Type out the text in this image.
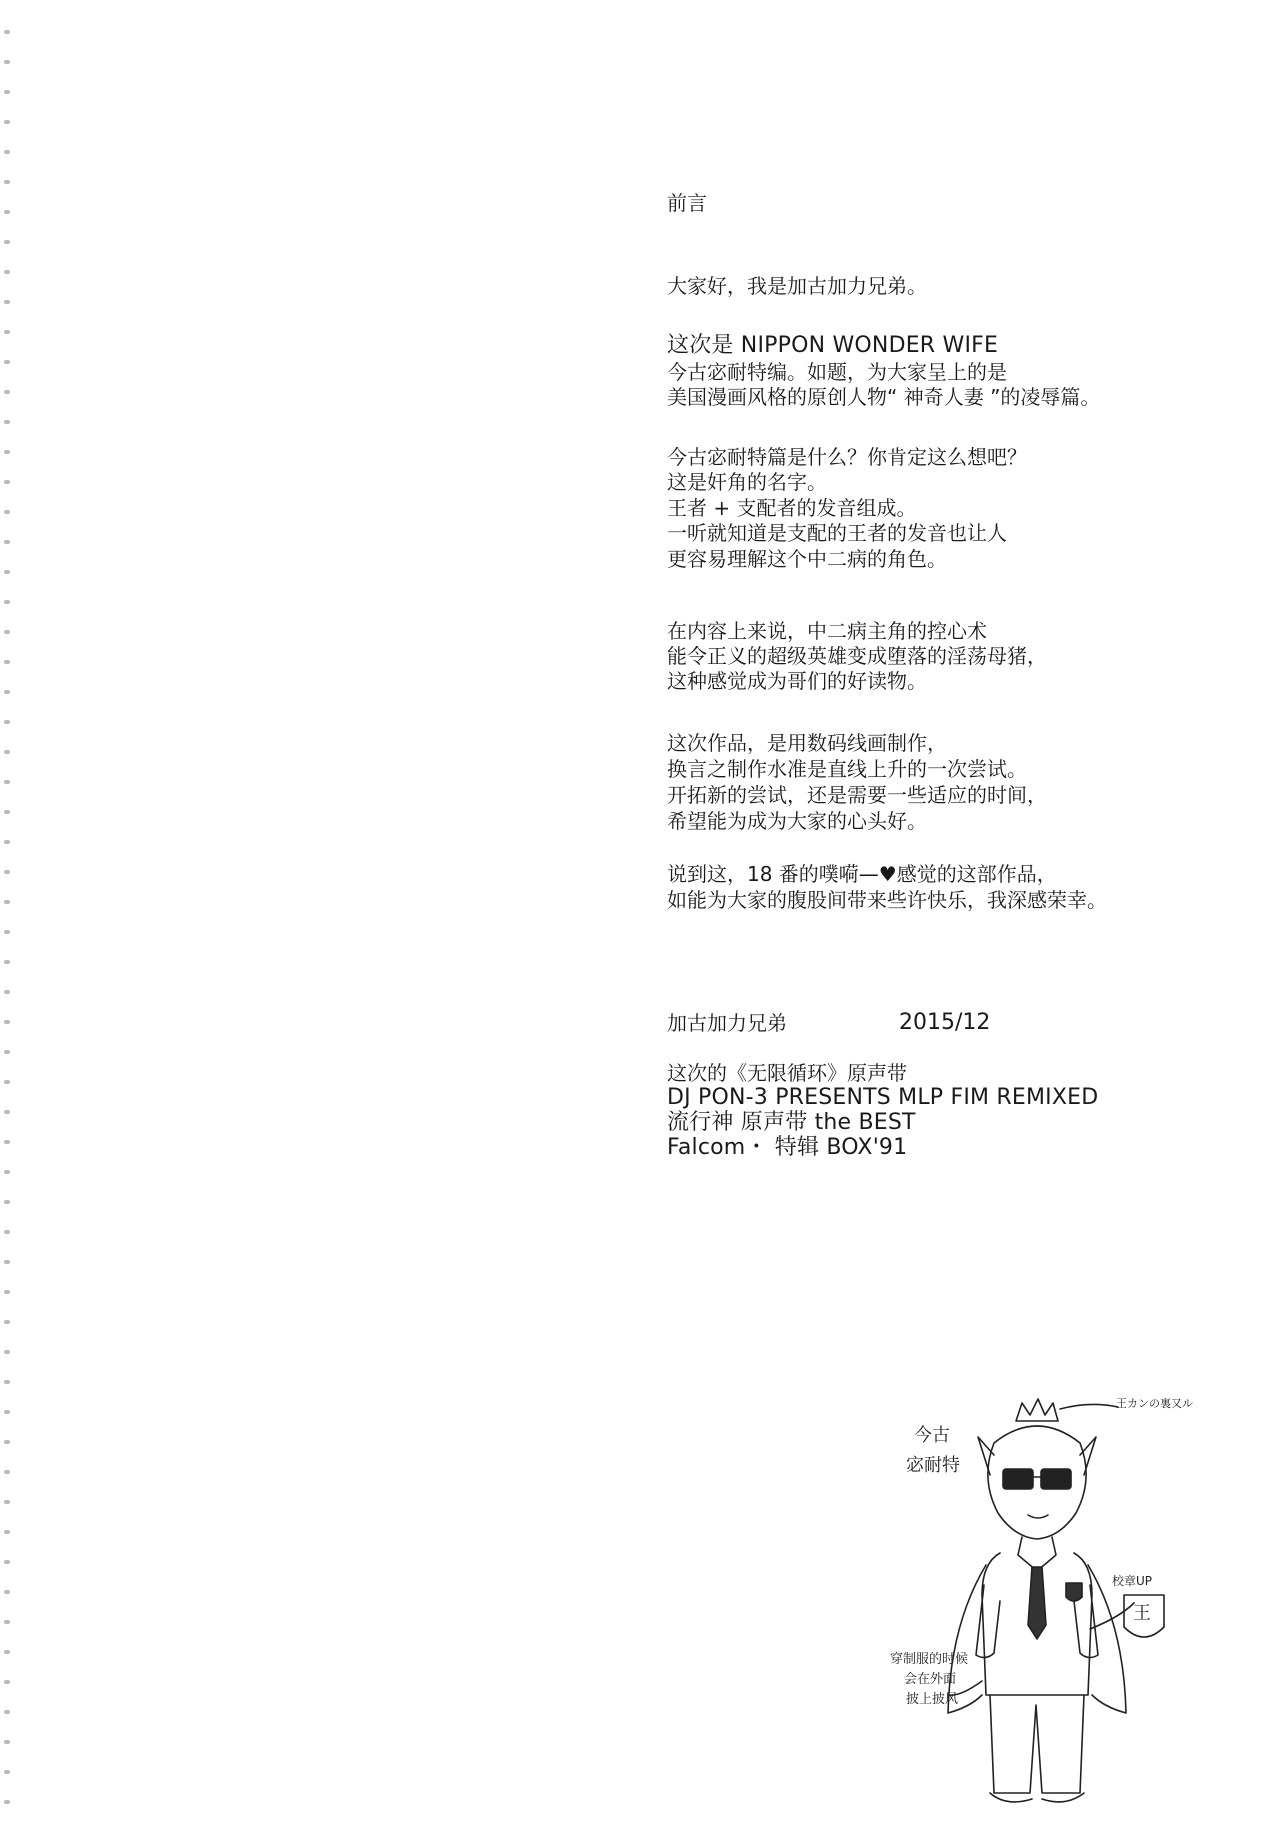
前言
大家好，我是加古加力兄弟。
这次是 NIPPON WONDER WIFE
今古宓耐特编。如题，为大家呈上的是
美国漫画风格的原创人物“ 神奇人妻 ”的凌辱篇。
今古宓耐特篇是什么？你肯定这么想吧？
这是奸角的名字。
王者 + 支配者的发音组成。
一听就知道是支配的王者的发音也让人
更容易理解这个中二病的角色。
在内容上来说，中二病主角的控心术
能令正义的超级英雄变成堕落的淫荡母猪，
这种感觉成为哥们的好读物。
这次作品，是用数码线画制作，
换言之制作水准是直线上升的一次尝试。
开拓新的尝试，还是需要一些适应的时间，
希望能为成为大家的心头好。
说到这，18 番的噗嗬—♥感觉的这部作品，
如能为大家的腹股间带来些许快乐，我深感荣幸。
加古加力兄弟	2015/12
这次的《无限循环》原声带
DJ PON-3 PRESENTS MLP FIM REMIXED
流行神 原声带 the BEST
Falcom・ 特辑 BOX'91
王
今古
宓耐特
王カンの裏又ル
校章UP
穿制服的时候
会在外面
披上披风
